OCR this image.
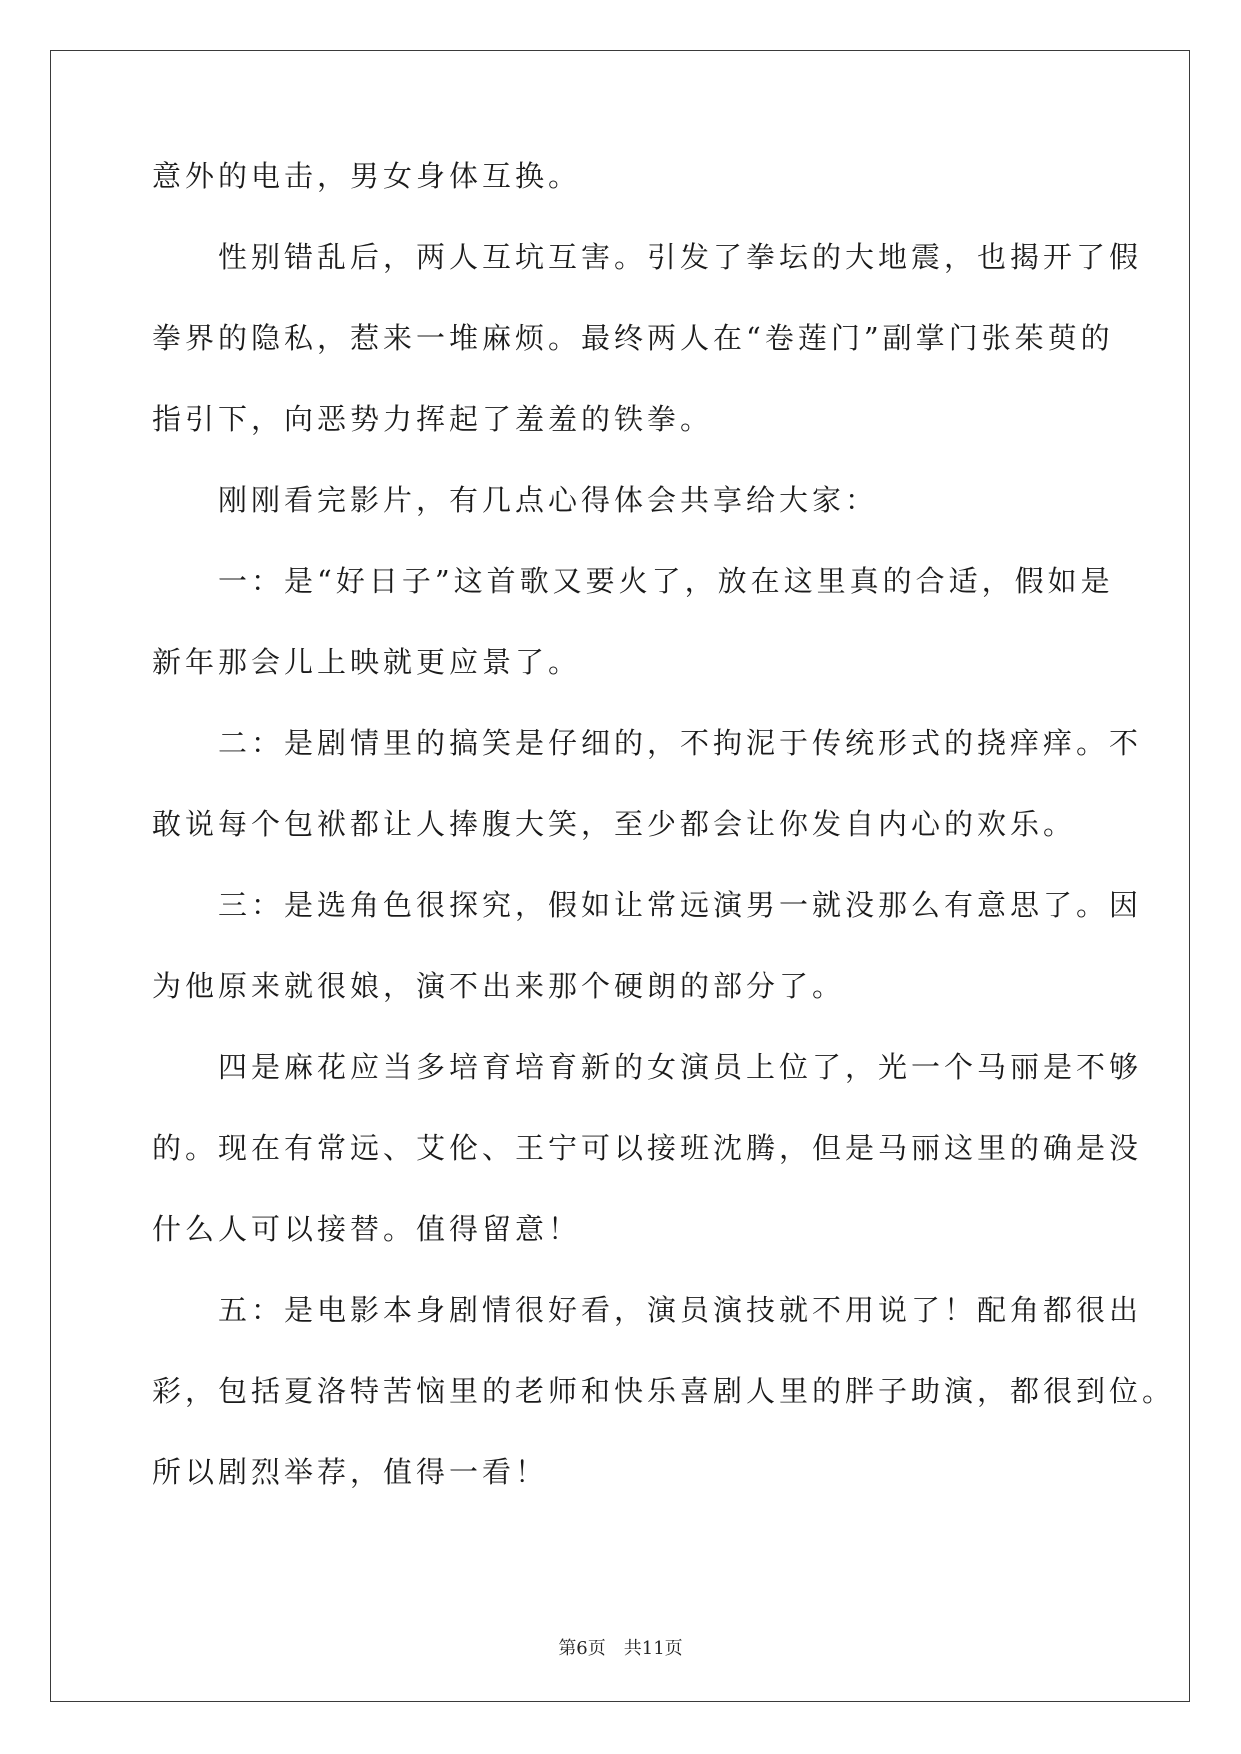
意外的电击，男女身体互换。
　　性别错乱后，两人互坑互害。引发了拳坛的大地震，也揭开了假
拳界的隐私，惹来一堆麻烦。最终两人在“卷莲门”副掌门张茱萸的
指引下，向恶势力挥起了羞羞的铁拳。
　　刚刚看完影片，有几点心得体会共享给大家：
　　一：是“好日子”这首歌又要火了，放在这里真的合适，假如是
新年那会儿上映就更应景了。
　　二：是剧情里的搞笑是仔细的，不拘泥于传统形式的挠痒痒。不
敢说每个包袱都让人捧腹大笑，至少都会让你发自内心的欢乐。
　　三：是选角色很探究，假如让常远演男一就没那么有意思了。因
为他原来就很娘，演不出来那个硬朗的部分了。
　　四是麻花应当多培育培育新的女演员上位了，光一个马丽是不够
的。现在有常远、艾伦、王宁可以接班沈腾，但是马丽这里的确是没
什么人可以接替。值得留意！
　　五：是电影本身剧情很好看，演员演技就不用说了！配角都很出
彩，包括夏洛特苦恼里的老师和快乐喜剧人里的胖子助演，都很到位。
所以剧烈举荐，值得一看！
第6页　共11页
